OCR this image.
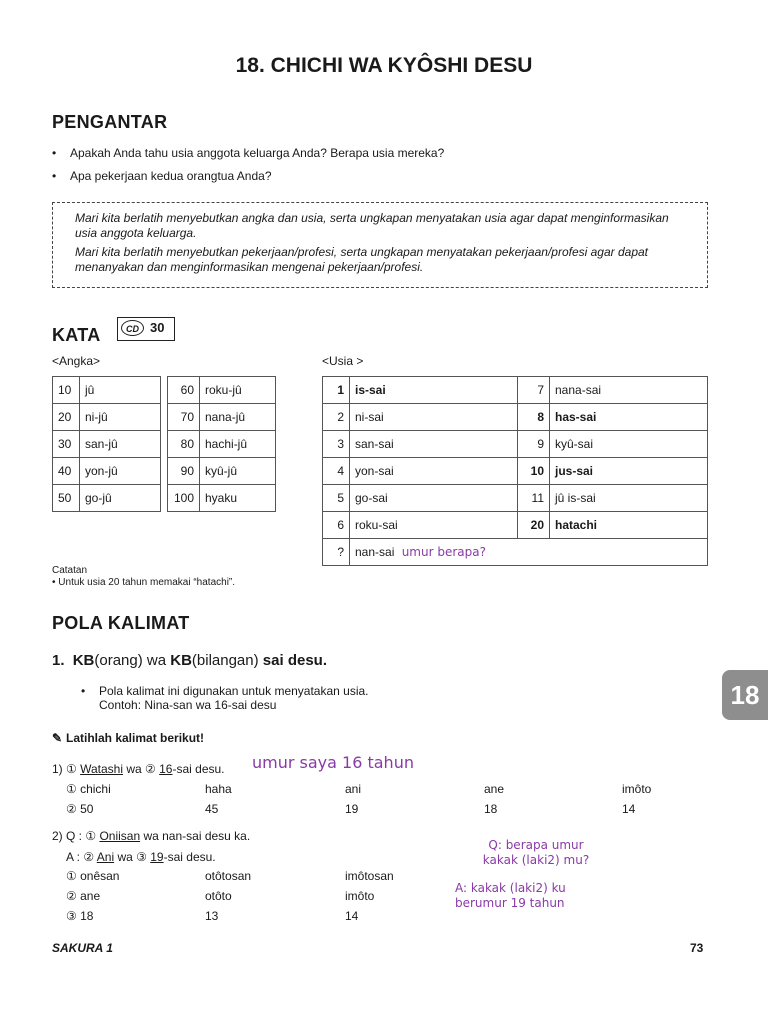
18. CHICHI WA KYÔSHI DESU
PENGANTAR
• Apakah Anda tahu usia anggota keluarga Anda? Berapa usia mereka?
• Apa pekerjaan kedua orangtua Anda?

Mari kita berlatih menyebutkan angka dan usia, serta ungkapan menyatakan usia agar dapat menginformasikan usia anggota keluarga.

Mari kita berlatih menyebutkan pekerjaan/profesi, serta ungkapan menyatakan pekerjaan/profesi agar dapat menanyakan dan menginformasikan mengenai pekerjaan/profesi.

KATA	CD 30
<Angka>	<Usia >
10	jû
20	ni-jû
30	san-jû
40	yon-jû
50	go-jû
60	roku-jû
70	nana-jû
80	hachi-jû
90	kyû-jû
100	hyaku
1	is-sai	7	nana-sai
2	ni-sai	8	has-sai
3	san-sai	9	kyû-sai
4	yon-sai	10	jus-sai
5	go-sai	11	jû is-sai
6	roku-sai	20	hatachi
?	nan-sai umur berapa?		
Catatan
• Untuk usia 20 tahun memakai “hatachi”.
POLA KALIMAT
1. KB(orang) wa KB(bilangan) sai desu.
• Pola kalimat ini digunakan untuk menyatakan usia.
Contoh: Nina-san wa 16-sai desu
✎ Latihlah kalimat berikut!
1) ① Watashi wa ② 16-sai desu. umur saya 16 tahun
① chichi	haha	ani	ane	imôto
② 50	45	19	18	14
2) Q : ① Oniisan wa nan-sai desu ka.
A : ② Ani wa ③ 19-sai desu.
① onêsan	otôtosan	imôtosan
② ane	otôto	imôto
③ 18	13	14
Q: berapa umur
kakak (laki2) mu?
A: kakak (laki2) ku
berumur 19 tahun
SAKURA 1	73
18
